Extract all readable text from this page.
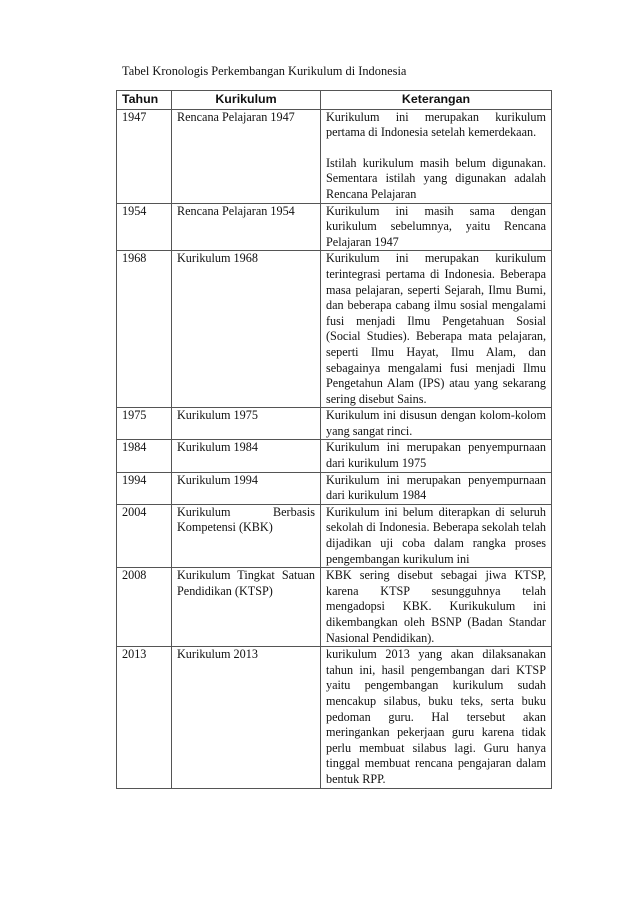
Tabel Kronologis Perkembangan Kurikulum di Indonesia
Tahun	Kurikulum	Keterangan
1947	Rencana Pelajaran 1947	Kurikulum ini merupakan kurikulum pertama di Indonesia setelah kemerdekaan.
Istilah kurikulum masih belum digunakan. Sementara istilah yang digunakan adalah Rencana Pelajaran

1954	Rencana Pelajaran 1954	Kurikulum ini masih sama dengan kurikulum sebelumnya, yaitu Rencana Pelajaran 1947

1968	Kurikulum 1968	Kurikulum ini merupakan kurikulum terintegrasi pertama di Indonesia. Beberapa masa pelajaran, seperti Sejarah, Ilmu Bumi, dan beberapa cabang ilmu sosial mengalami fusi menjadi Ilmu Pengetahuan Sosial (Social Studies). Beberapa mata pelajaran, seperti Ilmu Hayat, Ilmu Alam, dan sebagainya mengalami fusi menjadi Ilmu Pengetahun Alam (IPS) atau yang sekarang sering disebut Sains.

1975	Kurikulum 1975	Kurikulum ini disusun dengan kolom-kolom yang sangat rinci.

1984	Kurikulum 1984	Kurikulum ini merupakan penyempurnaan dari kurikulum 1975

1994	Kurikulum 1994	Kurikulum ini merupakan penyempurnaan dari kurikulum 1984

2004	Kurikulum Berbasis Kompetensi (KBK)	Kurikulum ini belum diterapkan di seluruh sekolah di Indonesia. Beberapa sekolah telah dijadikan uji coba dalam rangka proses pengembangan kurikulum ini

2008	Kurikulum Tingkat Satuan Pendidikan (KTSP)	KBK sering disebut sebagai jiwa KTSP, karena KTSP sesungguhnya telah mengadopsi KBK. Kurikukulum ini dikembangkan oleh BSNP (Badan Standar Nasional Pendidikan).

2013	Kurikulum 2013	kurikulum 2013 yang akan dilaksanakan tahun ini, hasil pengembangan dari KTSP yaitu pengembangan kurikulum sudah mencakup silabus, buku teks, serta buku pedoman guru. Hal tersebut akan meringankan pekerjaan guru karena tidak perlu membuat silabus lagi. Guru hanya tinggal membuat rencana pengajaran dalam bentuk RPP.
